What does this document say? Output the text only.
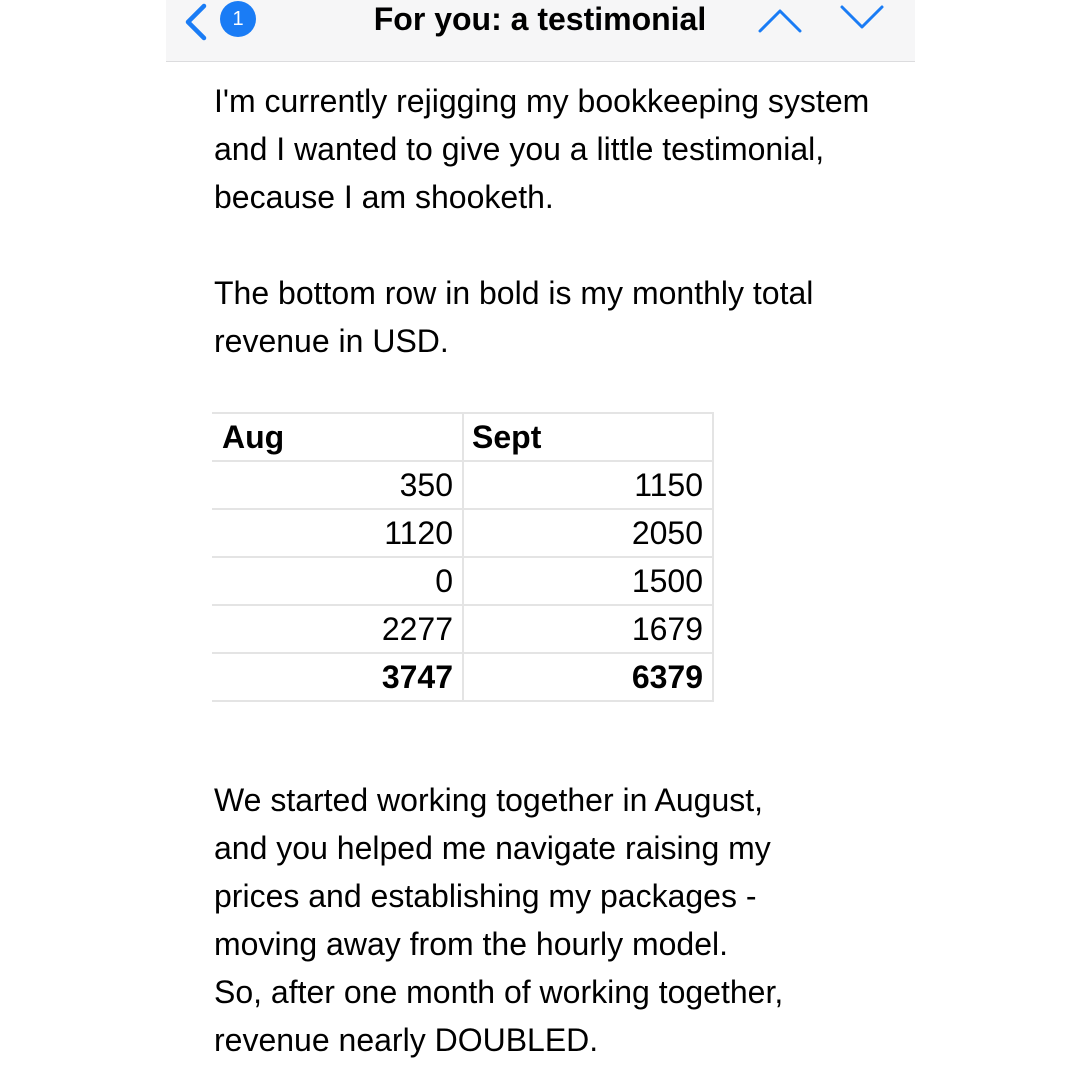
1	For you: a testimonial

I'm currently rejigging my bookkeeping system and I wanted to give you a little testimonial, because I am shooketh.

The bottom row in bold is my monthly total revenue in USD.

Aug	Sept
350	1150
1120	2050
0	1500
2277	1679
3747	6379
We started working together in August,
and you helped me navigate raising my
prices and establishing my packages -
moving away from the hourly model.
So, after one month of working together,
revenue nearly DOUBLED.
